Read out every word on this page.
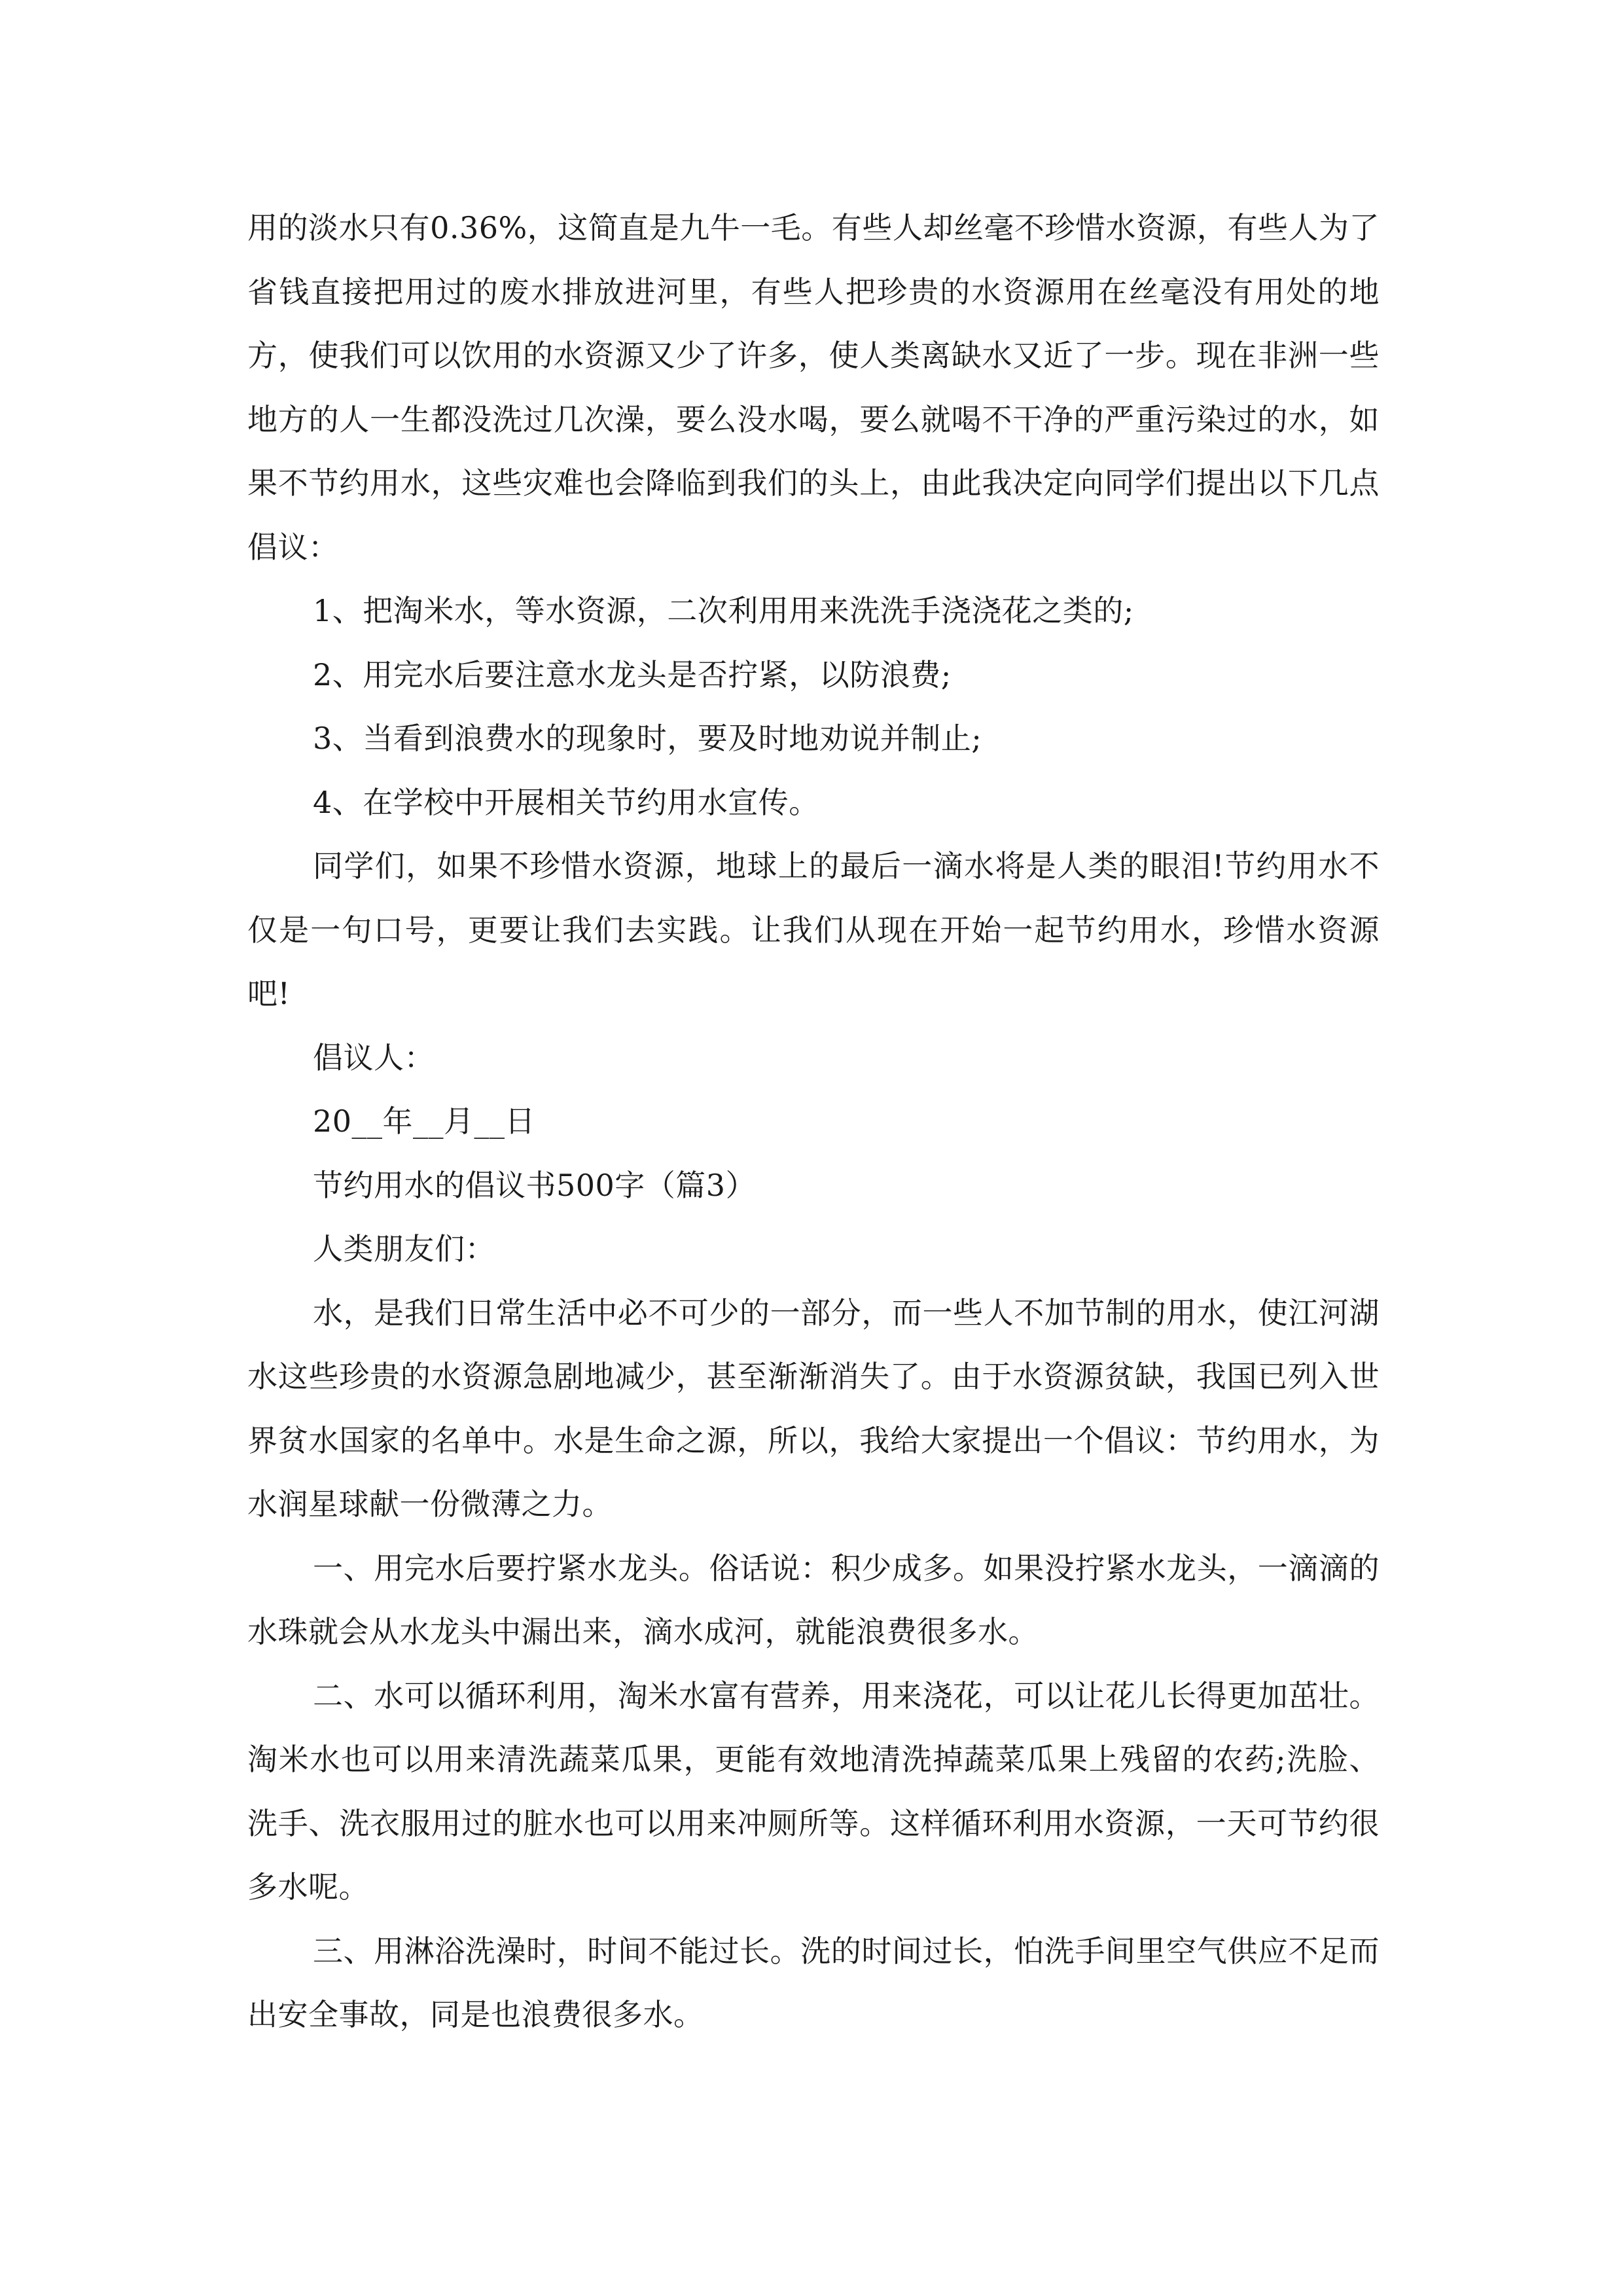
用的淡水只有0.36%，这简直是九牛一毛。有些人却丝毫不珍惜水资源，有些人为了省钱直接把用过的废水排放进河里，有些人把珍贵的水资源用在丝毫没有用处的地方，使我们可以饮用的水资源又少了许多，使人类离缺水又近了一步。现在非洲一些地方的人一生都没洗过几次澡，要么没水喝，要么就喝不干净的严重污染过的水，如果不节约用水，这些灾难也会降临到我们的头上，由此我决定向同学们提出以下几点倡议：

1、把淘米水，等水资源，二次利用用来洗洗手浇浇花之类的;

2、用完水后要注意水龙头是否拧紧，以防浪费;

3、当看到浪费水的现象时，要及时地劝说并制止;

4、在学校中开展相关节约用水宣传。

同学们，如果不珍惜水资源，地球上的最后一滴水将是人类的眼泪!节约用水不仅是一句口号，更要让我们去实践。让我们从现在开始一起节约用水，珍惜水资源吧!

倡议人：

20__年__月__日

节约用水的倡议书500字（篇3）

人类朋友们：

水，是我们日常生活中必不可少的一部分，而一些人不加节制的用水，使江河湖水这些珍贵的水资源急剧地减少，甚至渐渐消失了。由于水资源贫缺，我国已列入世界贫水国家的名单中。水是生命之源，所以，我给大家提出一个倡议：节约用水，为水润星球献一份微薄之力。

一、用完水后要拧紧水龙头。俗话说：积少成多。如果没拧紧水龙头，一滴滴的水珠就会从水龙头中漏出来，滴水成河，就能浪费很多水。

二、水可以循环利用，淘米水富有营养，用来浇花，可以让花儿长得更加茁壮。淘米水也可以用来清洗蔬菜瓜果，更能有效地清洗掉蔬菜瓜果上残留的农药;洗脸、洗手、洗衣服用过的脏水也可以用来冲厕所等。这样循环利用水资源，一天可节约很多水呢。

三、用淋浴洗澡时，时间不能过长。洗的时间过长，怕洗手间里空气供应不足而出安全事故，同是也浪费很多水。
